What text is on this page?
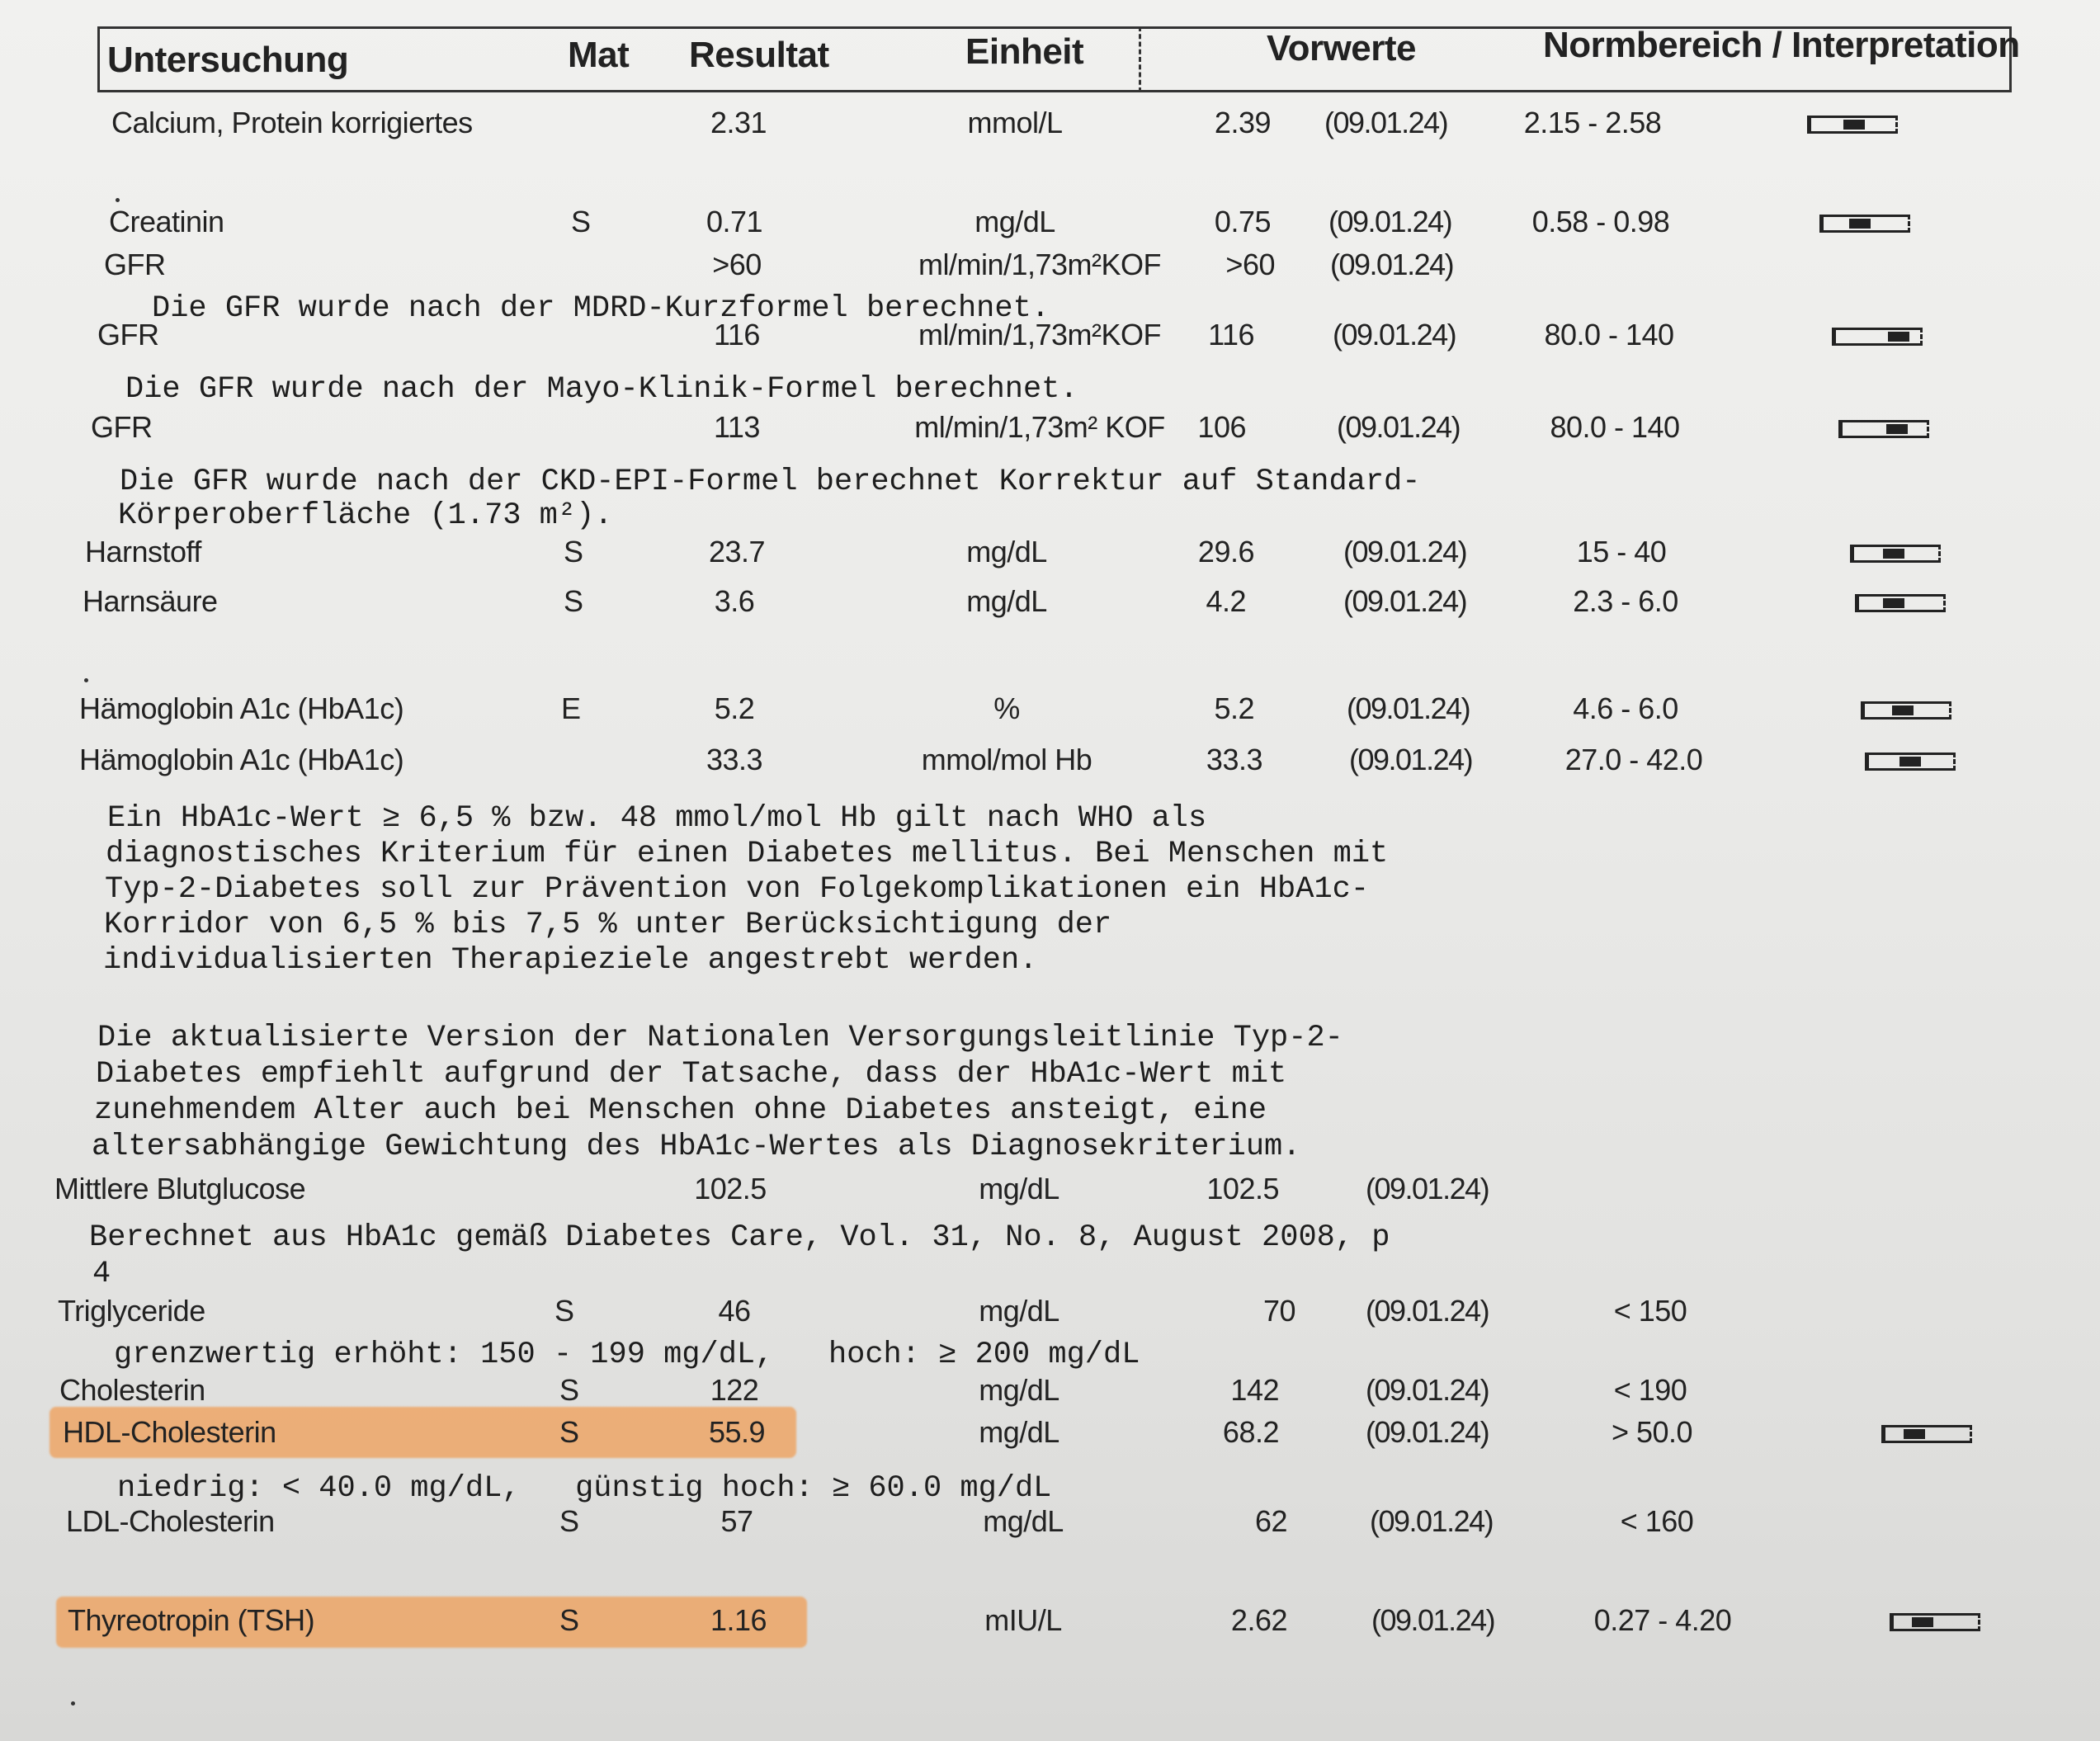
Untersuchung	Mat Resultat	Einheit	Vorwerte	Normbereich / Interpretation
Calcium, Protein korrigiertes	2.31	mmol/L	2.39 (09.01.24)	2.15 - 2.58
Creatinin	S	0.71	mg/dL	0.75 (09.01.24)	0.58 - 0.98
GFR	>60	ml/min/1,73m²KOF	>60 (09.01.24)
Die GFR wurde nach der MDRD-Kurzformel berechnet.
GFR	116	ml/min/1,73m²KOF	116	(09.01.24)	80.0 - 140
Die GFR wurde nach der Mayo-Klinik-Formel berechnet.
GFR	113	ml/min/1,73m² KOF	106	(09.01.24)	80.0 - 140
Die GFR wurde nach der CKD-EPI-Formel berechnet Korrektur auf Standard-
Körperoberfläche (1.73 m²).
Harnstoff	S	23.7	mg/dL	29.6	(09.01.24)	15 - 40
Harnsäure	S	3.6	mg/dL	4.2	(09.01.24)	2.3 - 6.0
Hämoglobin A1c (HbA1c)	E	5.2	%	5.2	(09.01.24)	4.6 - 6.0
Hämoglobin A1c (HbA1c)	33.3	mmol/mol Hb	33.3	(09.01.24)	27.0 - 42.0
Ein HbA1c-Wert ≥ 6,5 % bzw. 48 mmol/mol Hb gilt nach WHO als
diagnostisches Kriterium für einen Diabetes mellitus. Bei Menschen mit
Typ-2-Diabetes soll zur Prävention von Folgekomplikationen ein HbA1c-
Korridor von 6,5 % bis 7,5 % unter Berücksichtigung der
individualisierten Therapieziele angestrebt werden.
Die aktualisierte Version der Nationalen Versorgungsleitlinie Typ-2-
Diabetes empfiehlt aufgrund der Tatsache, dass der HbA1c-Wert mit
zunehmendem Alter auch bei Menschen ohne Diabetes ansteigt, eine
altersabhängige Gewichtung des HbA1c-Wertes als Diagnosekriterium.
Mittlere Blutglucose	102.5	mg/dL	102.5	(09.01.24)
Berechnet aus HbA1c gemäß Diabetes Care, Vol. 31, No. 8, August 2008, p
4
Triglyceride	S	46	mg/dL	70 (09.01.24)	< 150
grenzwertig erhöht: 150 - 199 mg/dL,   hoch: ≥ 200 mg/dL
Cholesterin	S	122	mg/dL	142	(09.01.24)	< 190
HDL-Cholesterin	S	55.9	mg/dL	68.2	(09.01.24)	> 50.0
niedrig: < 40.0 mg/dL,   günstig hoch: ≥ 60.0 mg/dL
LDL-Cholesterin	S	57	mg/dL	62	(09.01.24)	< 160
Thyreotropin (TSH)	S	1.16	mIU/L	2.62	(09.01.24)	0.27 - 4.20
